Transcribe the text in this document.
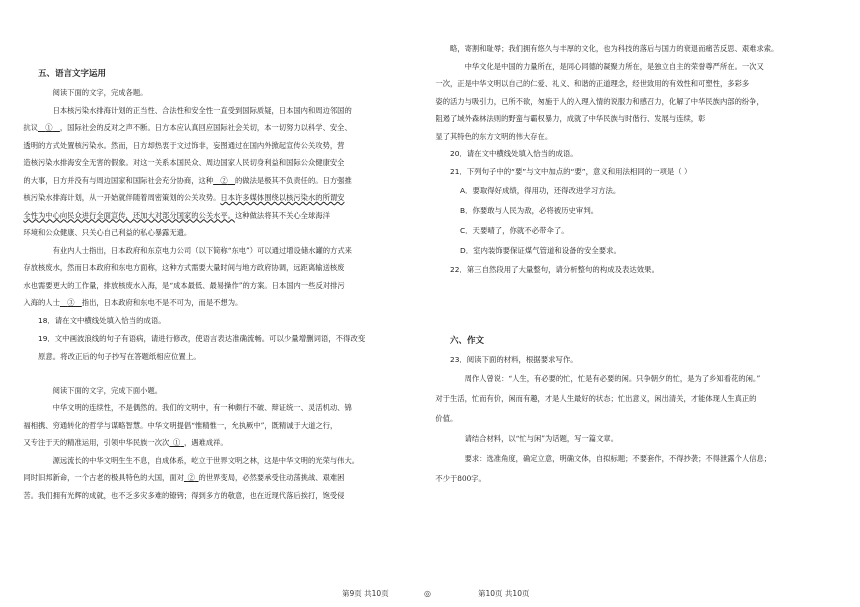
五、语言文字运用

阅读下面的文字，完成各题。

日本核污染水排海计划的正当性、合法性和安全性一直受到国际质疑，日本国内和周边邻国的
抗议  ①  ，国际社会的反对之声不断。日方本应认真回应国际社会关切，本一切努力以科学、安全、
透明的方式处置核污染水。然而，日方却热衷于文过饰非，妄图通过在国内外掀起宣传公关攻势，营
造核污染水排海安全无害的假象。对这一关系本国民众、周边国家人民切身利益和国际公众健康安全
的大事，日方并没有与周边国家和国际社会充分协商，这种  ②  的做法是极其不负责任的。日方强推
核污染水排海计划，从一开始就伴随着周密策划的公关攻势。日本许多媒体围绕以核污染水的所谓安
全性为中心向民众进行全面宣传，还加大对部分国家的公关水平。这种做法将其不关心全球海洋
环境和公众健康、只关心自己利益的私心暴露无遗。

有业内人士指出，日本政府和东京电力公司（以下简称“东电”）可以通过增设储水罐的方式来
存放核废水，然而日本政府和东电方面称，这种方式需要大量时间与地方政府协调，远距离输送核废
水也需要更大的工作量，排放核废水入海，是“成本最低、最易操作”的方案。日本国内一些反对排污
入海的人士  ③  指出，日本政府和东电不是不可为，而是不想为。

18．请在文中横线处填入恰当的成语。

19．文中画波浪线的句子有语病，请进行修改，使语言表达准确流畅。可以少量增删词语，不得改变
原意。将改正后的句子抄写在答题纸相应位置上。

阅读下面的文字，完成下面小题。

中华文明的连续性，不是偶然的。我们的文明中，有一种颇行不破、辩证统一、灵活机动、锦
福相携、穷通转化的哲学与谋略智慧。中华文明提倡“惟精惟一，允执厥中”，既精诚于大道之行，
又专注于天的精准运用，引领中华民族一次次  ①  ，遇难成祥。

源远流长的中华文明生生不息，自成体系，屹立于世界文明之林，这是中华文明的光荣与伟大。
同时旧邦新命，一个古老的极具特色的大国，面对  ②  的世界变局，必然要承受住动荡挑战、艰难困
苦。我们拥有光辉的成就，也不乏多灾多难的镣铐；得到多方的敬意，也在近现代落后挨打，饱受侵

略，寄割和耻辱；我们拥有悠久与丰厚的文化，也为科技的落后与国力的衰退而痛苦反思、艰难求索。

中华文化是中国的力量所在，是同心同德的凝聚力所在，是独立自主的荣誉尊严所在。一次又
一次，正是中华文明以自己的仁爱、礼义、和谐的正道理念，经世致用的有效性和可塑性，多彩多
姿的活力与吸引力，已所不欲，匆施于人的入理入情的说服力和感召力，化解了中华民族内部的纷争，
阻遏了域外森林法则的野蛮与霸权暴力，成就了中华民族与时偕行、发展与连续，彰
显了其特色的东方文明的伟大存在。

20．请在文中横线处填入恰当的成语。

21．下列句子中的“要”与文中加点的“要”，意义和用法相同的一项是（ ）

A．要取得好成绩，得用功，还得改进学习方法。

B．你要敢与人民为敌，必将被历史审判。

C．天要晴了，你就不必带伞了。

D．室内装饰要保证煤气管道和设备的安全要求。

22．第三自然段用了大量整句，请分析整句的构成及表达效果。

六、作文

23．阅读下面的材料，根据要求写作。

周作人曾说：“人生，有必要的忙，忙是有必要的闲。只争朝夕的忙，是为了乡知看花的闲。”
对于生活，忙而有价，闲而有趣，才是人生最好的状态；忙出意义，闲出清关，才能体现人生真正的
价值。

请结合材料，以“忙与闲”为话题，写一篇文章。

要求：选准角度，确定立意，明确文体，自拟标题；不要套作，不得抄袭；不得泄露个人信息；
不少于800字。

第9页 共10页	◎	第10页 共10页
